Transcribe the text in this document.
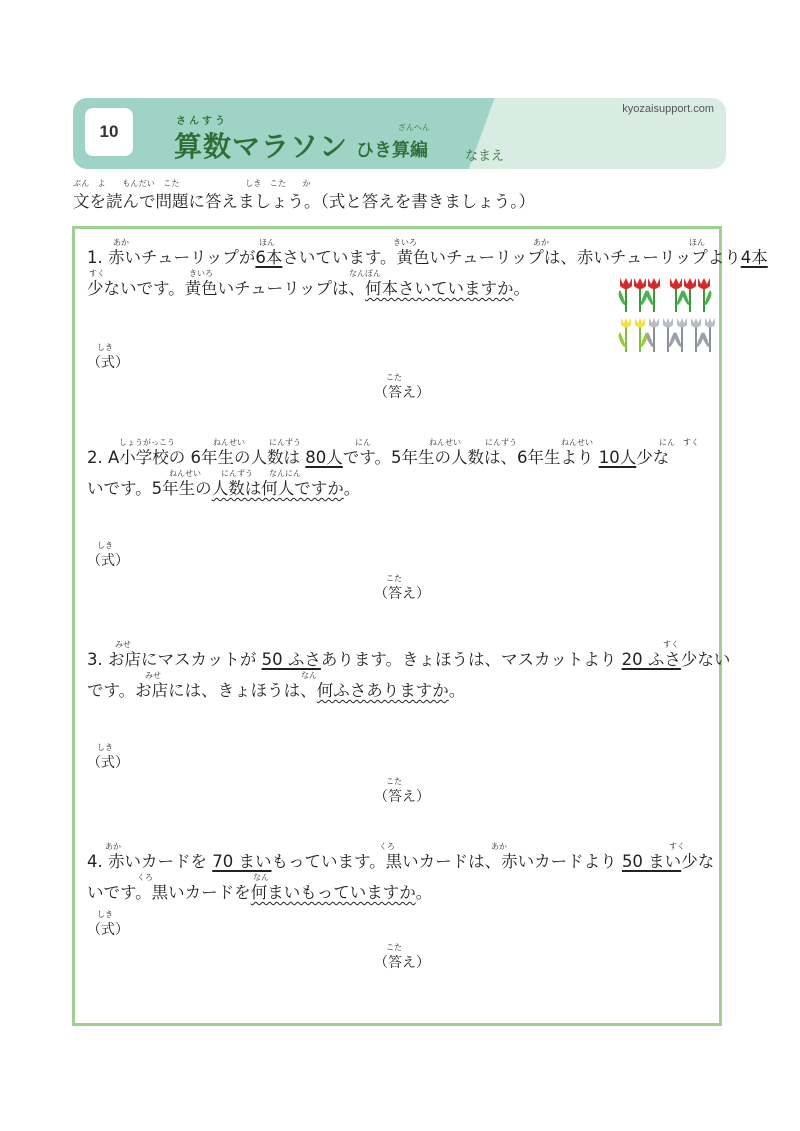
10
さんすう
算数マラソン
ざんへん
ひき算編
kyozaisupport.com
なまえ
ぶん　よ　　もんだい　こた　　　　　　　　しき　こた　　か
文を読んで問題に答えましょう。（式と答えを書きましょう。）
あか	ほん	きいろ	あか	ほん
1. 赤いチューリップが6本さいています。黄色いチューリップは、赤いチューリップより4本
すく	きいろ	なんぼん
少ないです。黄色いチューリップは、何本さいていますか。
しき
（式）
こた
（答え）
しょうがっこう	ねんせい	にんずう	にん	ねんせい	にんずう	ねんせい	にん すく
2. A小学校の 6年生の人数は 80人です。5年生の人数は、6年生より 10人少な
ねんせい	にんずう なんにん
いです。5年生の人数は何人ですか。
しき
（式）
こた
（答え）
みせ	すく
3. お店にマスカットが 50 ふさあります。きょほうは、マスカットより 20 ふさ少ない
みせ	なん
です。お店には、きょほうは、何ふさありますか。
しき
（式）
こた
（答え）
あか	くろ	あか	すく
4. 赤いカードを 70 まいもっています。黒いカードは、赤いカードより 50 まい少な
くろ	なん
いです。黒いカードを何まいもっていますか。
しき
（式）
こた
（答え）
